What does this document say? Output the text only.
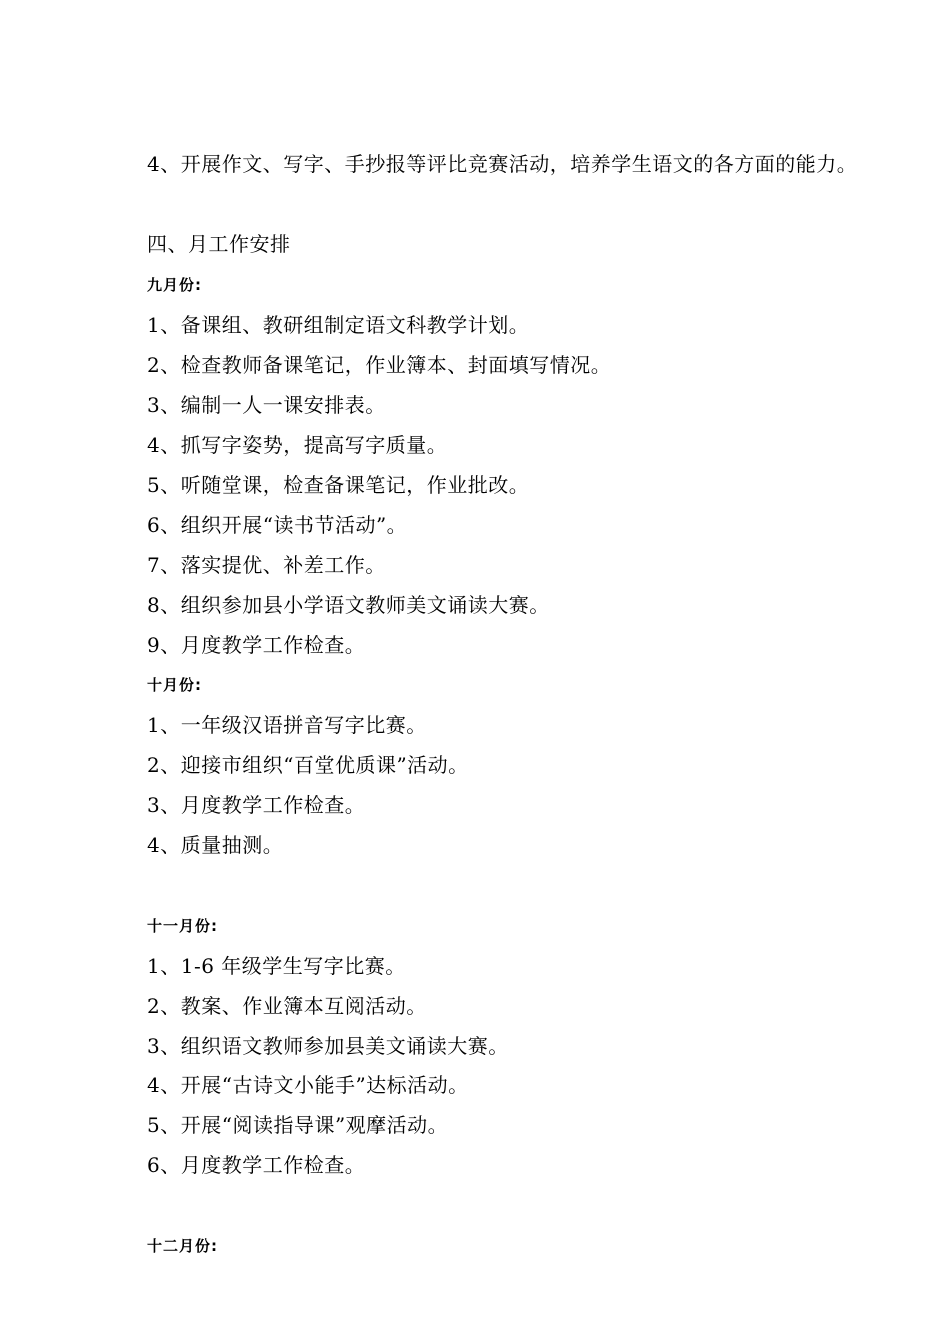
4、开展作文、写字、手抄报等评比竞赛活动，培养学生语文的各方面的能力。
四、月工作安排
九月份:
1、备课组、教研组制定语文科教学计划。
2、检查教师备课笔记，作业簿本、封面填写情况。
3、编制一人一课安排表。
4、抓写字姿势，提高写字质量。
5、听随堂课，检查备课笔记，作业批改。
6、组织开展“读书节活动”。
7、落实提优、补差工作。
8、组织参加县小学语文教师美文诵读大赛。
9、月度教学工作检查。
十月份:
1、一年级汉语拼音写字比赛。
2、迎接市组织“百堂优质课”活动。
3、月度教学工作检查。
4、质量抽测。
十一月份:
1、1-6 年级学生写字比赛。
2、教案、作业簿本互阅活动。
3、组织语文教师参加县美文诵读大赛。
4、开展“古诗文小能手”达标活动。
5、开展“阅读指导课”观摩活动。
6、月度教学工作检查。
十二月份:
